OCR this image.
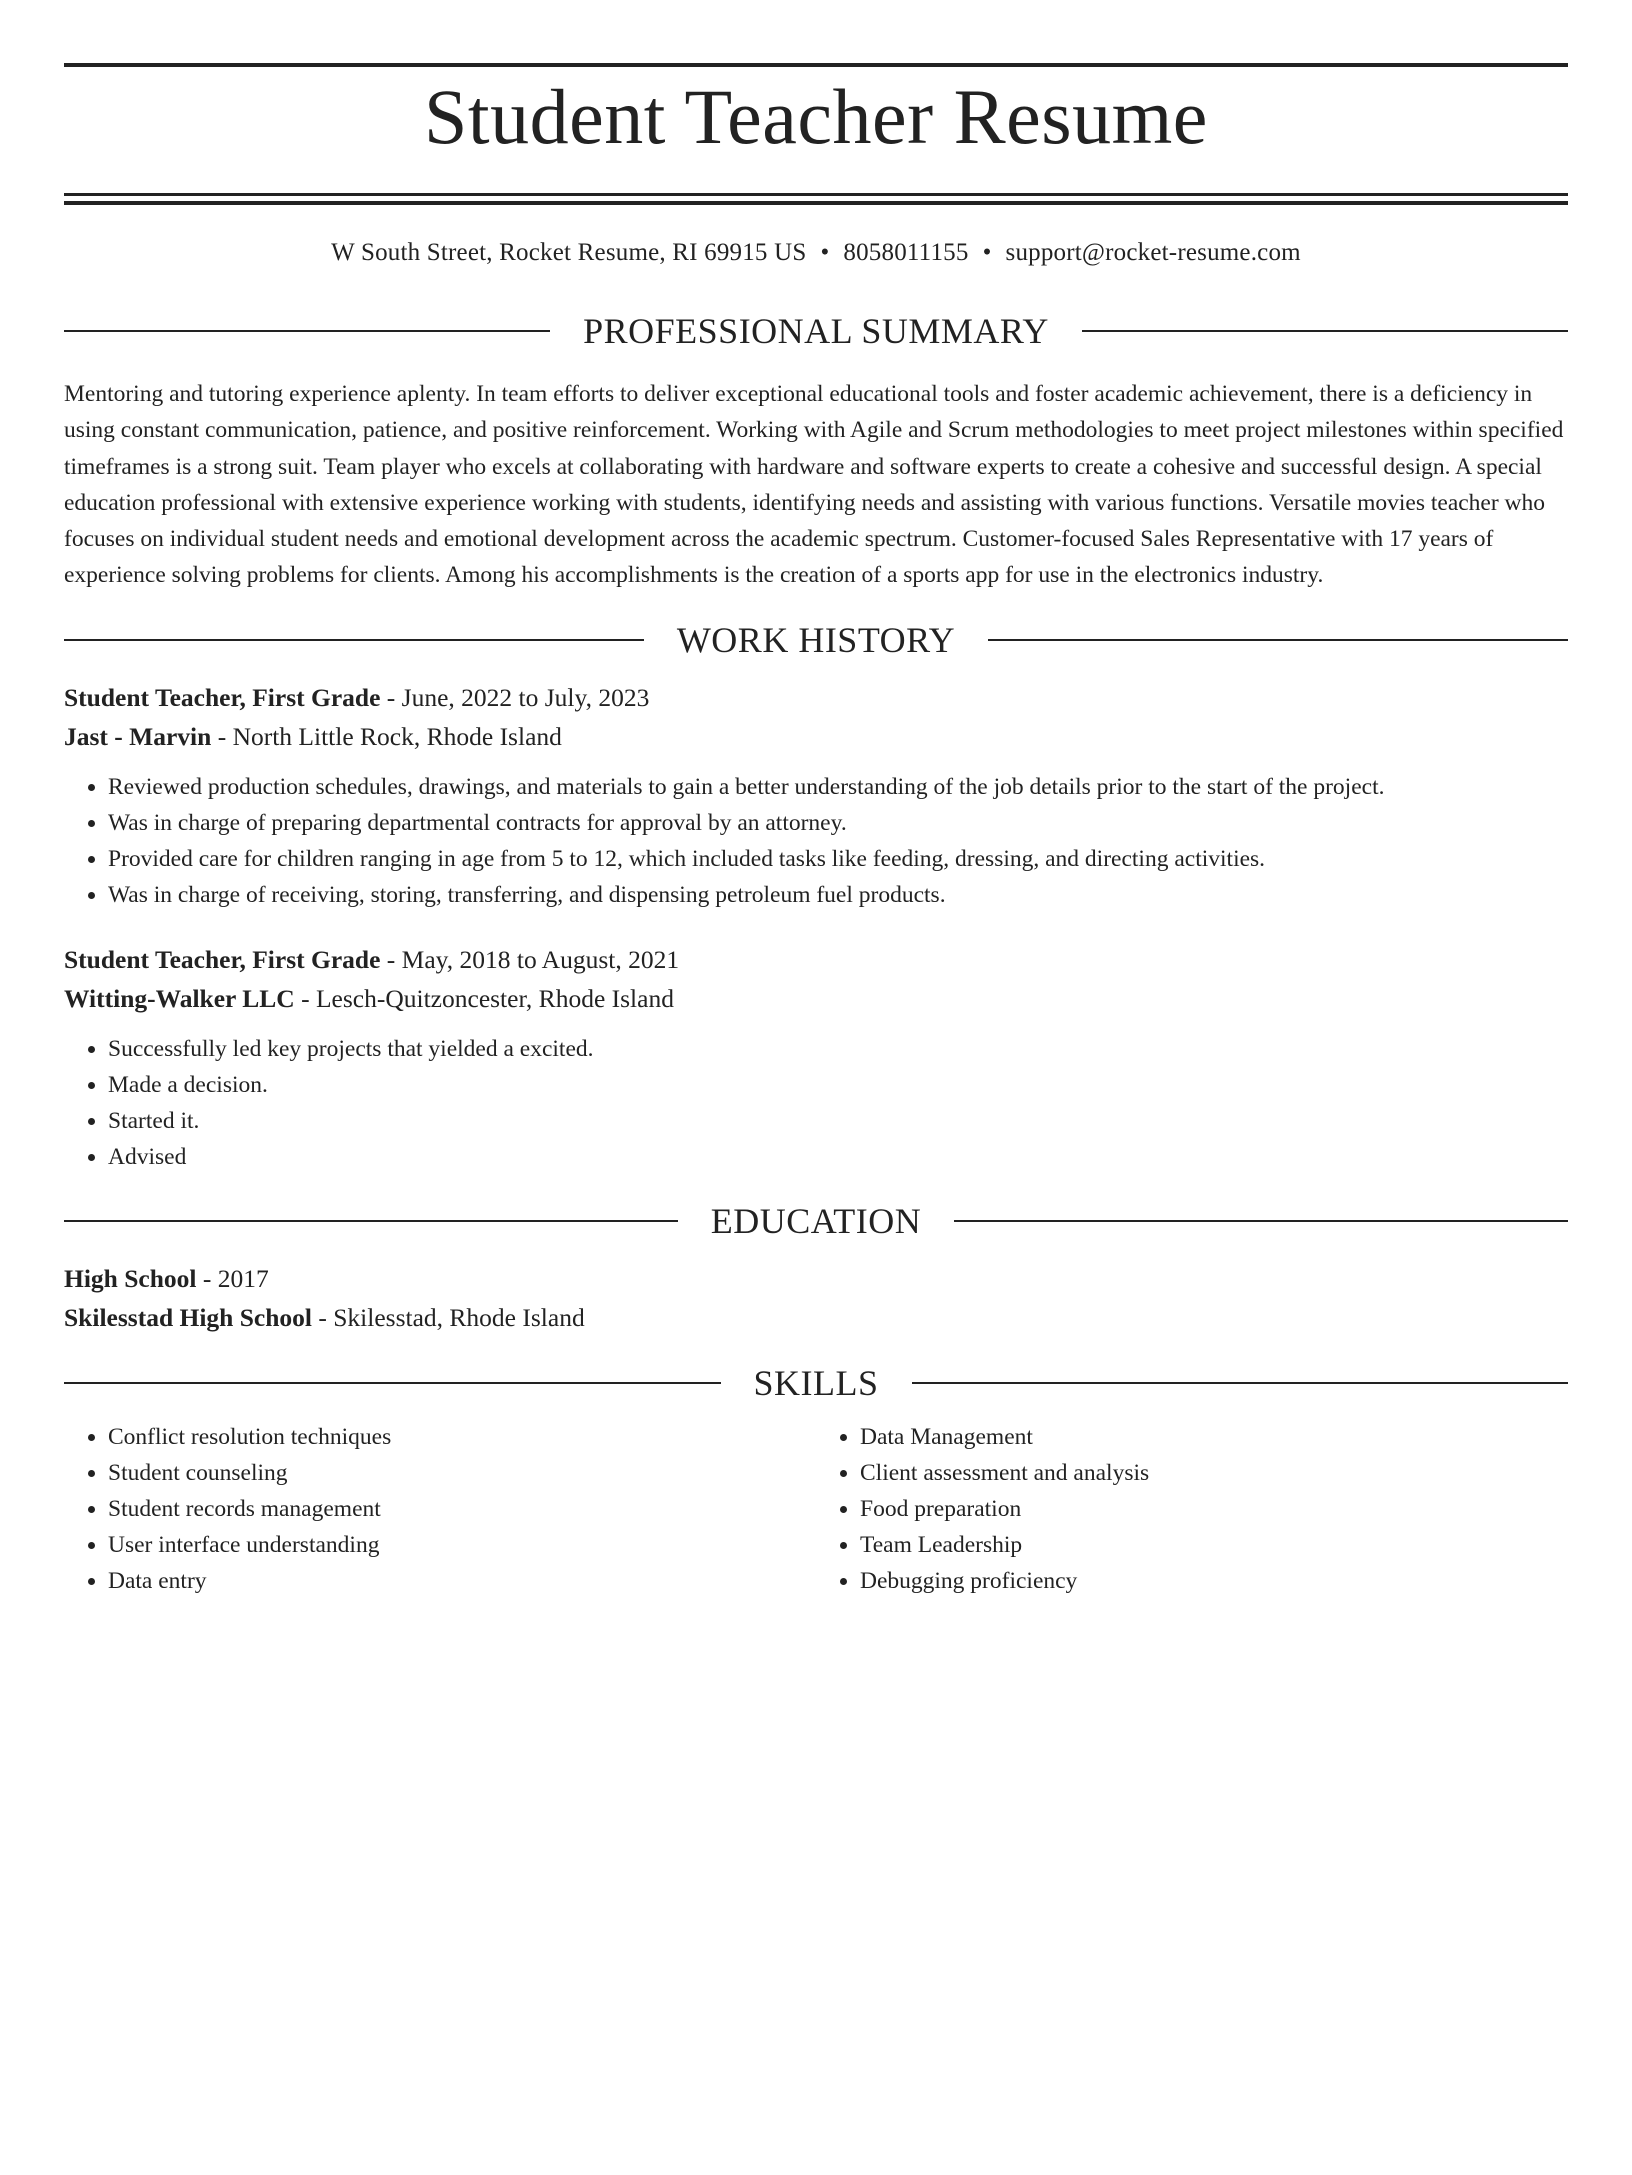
Student Teacher Resume
W South Street, Rocket Resume, RI 69915 US • 8058011155 • support@rocket-resume.com
PROFESSIONAL SUMMARY
Mentoring and tutoring experience aplenty. In team efforts to deliver exceptional educational tools and foster academic achievement, there is a deficiency in using constant communication, patience, and positive reinforcement. Working with Agile and Scrum methodologies to meet project milestones within specified timeframes is a strong suit. Team player who excels at collaborating with hardware and software experts to create a cohesive and successful design. A special education professional with extensive experience working with students, identifying needs and assisting with various functions. Versatile movies teacher who focuses on individual student needs and emotional development across the academic spectrum. Customer-focused Sales Representative with 17 years of experience solving problems for clients. Among his accomplishments is the creation of a sports app for use in the electronics industry.
WORK HISTORY
Student Teacher, First Grade - June, 2022 to July, 2023
Jast - Marvin - North Little Rock, Rhode Island
• Reviewed production schedules, drawings, and materials to gain a better understanding of the job details prior to the start of the project.
• Was in charge of preparing departmental contracts for approval by an attorney.
• Provided care for children ranging in age from 5 to 12, which included tasks like feeding, dressing, and directing activities.
• Was in charge of receiving, storing, transferring, and dispensing petroleum fuel products.
Student Teacher, First Grade - May, 2018 to August, 2021
Witting-Walker LLC - Lesch-Quitzoncester, Rhode Island
• Successfully led key projects that yielded a excited.
• Made a decision.
• Started it.
• Advised
EDUCATION
High School - 2017
Skilesstad High School - Skilesstad, Rhode Island
SKILLS
• Conflict resolution techniques
• Student counseling
• Student records management
• User interface understanding
• Data entry
• Data Management
• Client assessment and analysis
• Food preparation
• Team Leadership
• Debugging proficiency
